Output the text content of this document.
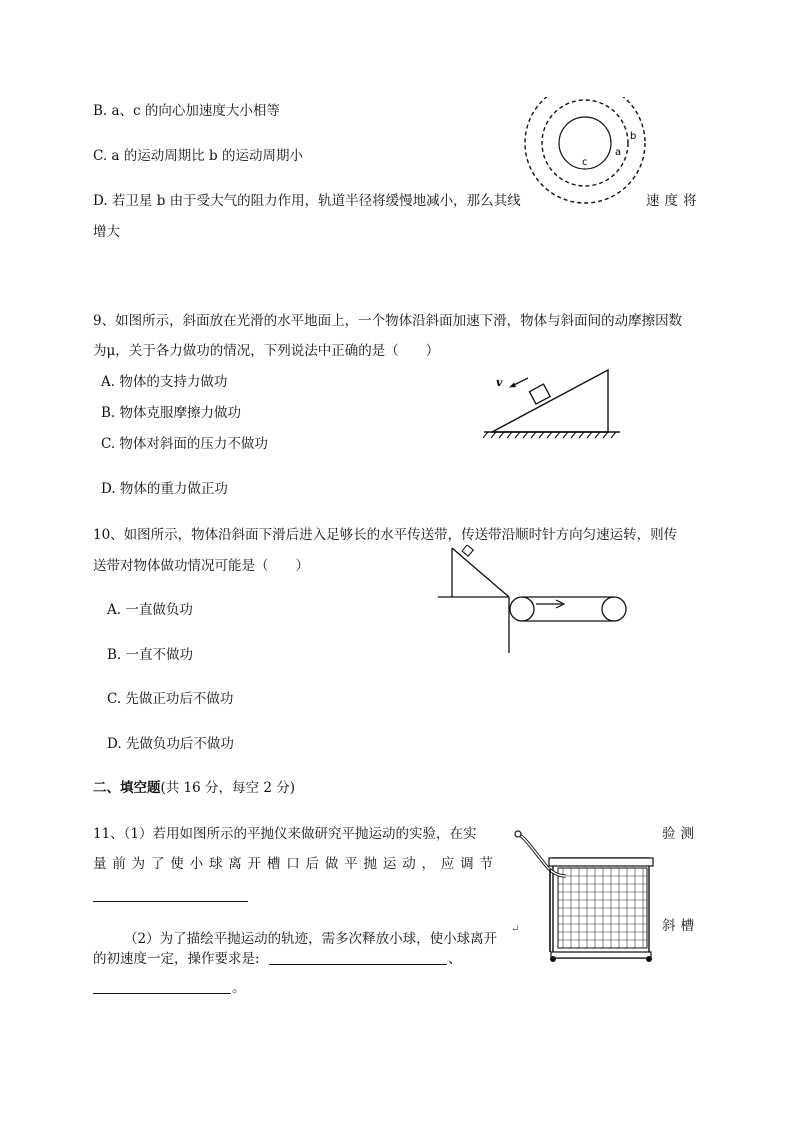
B. a、c 的向心加速度大小相等
C. a 的运动周期比 b 的运动周期小
D. 若卫星 b 由于受大气的阻力作用，轨道半径将缓慢地减小，那么其线	速度将
增大
b
a
c
9、如图所示，斜面放在光滑的水平地面上，一个物体沿斜面加速下滑，物体与斜面间的动摩擦因数
为μ，关于各力做功的情况，下列说法中正确的是（　　）
A. 物体的支持力做功
B. 物体克服摩擦力做功
C. 物体对斜面的压力不做功
D. 物体的重力做正功
v
10、如图所示，物体沿斜面下滑后进入足够长的水平传送带，传送带沿顺时针方向匀速运转，则传
送带对物体做功情况可能是（　　）
A. 一直做负功
B. 一直不做功
C. 先做正功后不做功
D. 先做负功后不做功
二、填空题(共 16 分，每空 2 分)
11、（1）若用如图所示的平抛仪来做研究平抛运动的实验，在实	验测
量前为了使小球离开槽口后做平抛运动，应调节
斜槽
↵
（2）为了描绘平抛运动的轨迹，需多次释放小球，使小球离开
的初速度一定，操作要求是:	、
。
